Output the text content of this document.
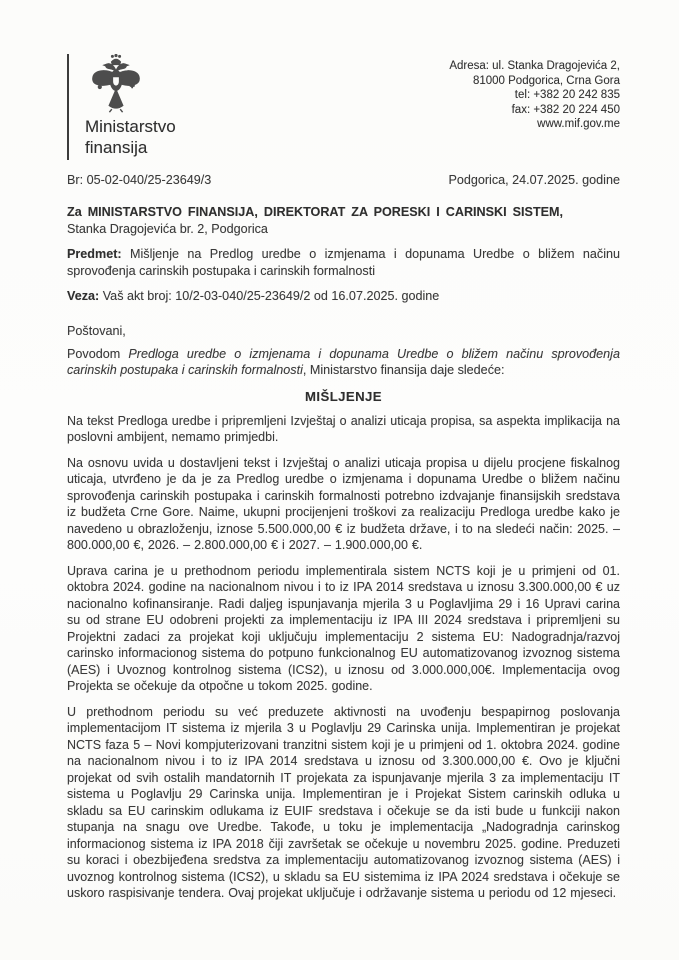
Ministarstvo
finansija
Adresa: ul. Stanka Dragojevića 2,
81000 Podgorica, Crna Gora
tel: +382 20 242 835
fax: +382 20 224 450
www.mif.gov.me
Br: 05-02-040/25-23649/3	Podgorica, 24.07.2025. godine
Za MINISTARSTVO FINANSIJA, DIREKTORAT ZA PORESKI I CARINSKI SISTEM,
Stanka Dragojevića br. 2, Podgorica
Predmet: Mišljenje na Predlog uredbe o izmjenama i dopunama Uredbe o bližem načinu sprovođenja carinskih postupaka i carinskih formalnosti
Veza: Vaš akt broj: 10/2-03-040/25-23649/2 od 16.07.2025. godine
Poštovani,
Povodom Predloga uredbe o izmjenama i dopunama Uredbe o bližem načinu sprovođenja carinskih postupaka i carinskih formalnosti, Ministarstvo finansija daje sledeće:
MIŠLJENJE
Na tekst Predloga uredbe i pripremljeni Izvještaj o analizi uticaja propisa, sa aspekta implikacija na poslovni ambijent, nemamo primjedbi.
Na osnovu uvida u dostavljeni tekst i Izvještaj o analizi uticaja propisa u dijelu procjene fiskalnog uticaja, utvrđeno je da je za Predlog uredbe o izmjenama i dopunama Uredbe o bližem načinu sprovođenja carinskih postupaka i carinskih formalnosti potrebno izdvajanje finansijskih sredstava iz budžeta Crne Gore. Naime, ukupni procijenjeni troškovi za realizaciju Predloga uredbe kako je navedeno u obrazloženju, iznose 5.500.000,00 € iz budžeta države, i to na sledeći način: 2025. – 800.000,00 €, 2026. – 2.800.000,00 € i 2027. – 1.900.000,00 €.
Uprava carina je u prethodnom periodu implementirala sistem NCTS koji je u primjeni od 01. oktobra 2024. godine na nacionalnom nivou i to iz IPA 2014 sredstava u iznosu 3.300.000,00 € uz nacionalno kofinansiranje. Radi daljeg ispunjavanja mjerila 3 u Poglavljima 29 i 16 Upravi carina su od strane EU odobreni projekti za implementaciju iz IPA III 2024 sredstava i pripremljeni su Projektni zadaci za projekat koji uključuju implementaciju 2 sistema EU: Nadogradnja/razvoj carinsko informacionog sistema do potpuno funkcionalnog EU automatizovanog izvoznog sistema (AES) i Uvoznog kontrolnog sistema (ICS2), u iznosu od 3.000.000,00€. Implementacija ovog Projekta se očekuje da otpočne u tokom 2025. godine.
U prethodnom periodu su već preduzete aktivnosti na uvođenju bespapirnog poslovanja implementacijom IT sistema iz mjerila 3 u Poglavlju 29 Carinska unija. Implementiran je projekat NCTS faza 5 – Novi kompjuterizovani tranzitni sistem koji je u primjeni od 1. oktobra 2024. godine na nacionalnom nivou i to iz IPA 2014 sredstava u iznosu od 3.300.000,00 €. Ovo je ključni projekat od svih ostalih mandatornih IT projekata za ispunjavanje mjerila 3 za implementaciju IT sistema u Poglavlju 29 Carinska unija. Implementiran je i Projekat Sistem carinskih odluka u skladu sa EU carinskim odlukama iz EUIF sredstava i očekuje se da isti bude u funkciji nakon stupanja na snagu ove Uredbe. Takođe, u toku je implementacija „Nadogradnja carinskog informacionog sistema iz IPA 2018 čiji završetak se očekuje u novembru 2025. godine. Preduzeti su koraci i obezbijeđena sredstva za implementaciju automatizovanog izvoznog sistema (AES) i uvoznog kontrolnog sistema (ICS2), u skladu sa EU sistemima iz IPA 2024 sredstava i očekuje se uskoro raspisivanje tendera. Ovaj projekat uključuje i održavanje sistema u periodu od 12 mjeseci.
